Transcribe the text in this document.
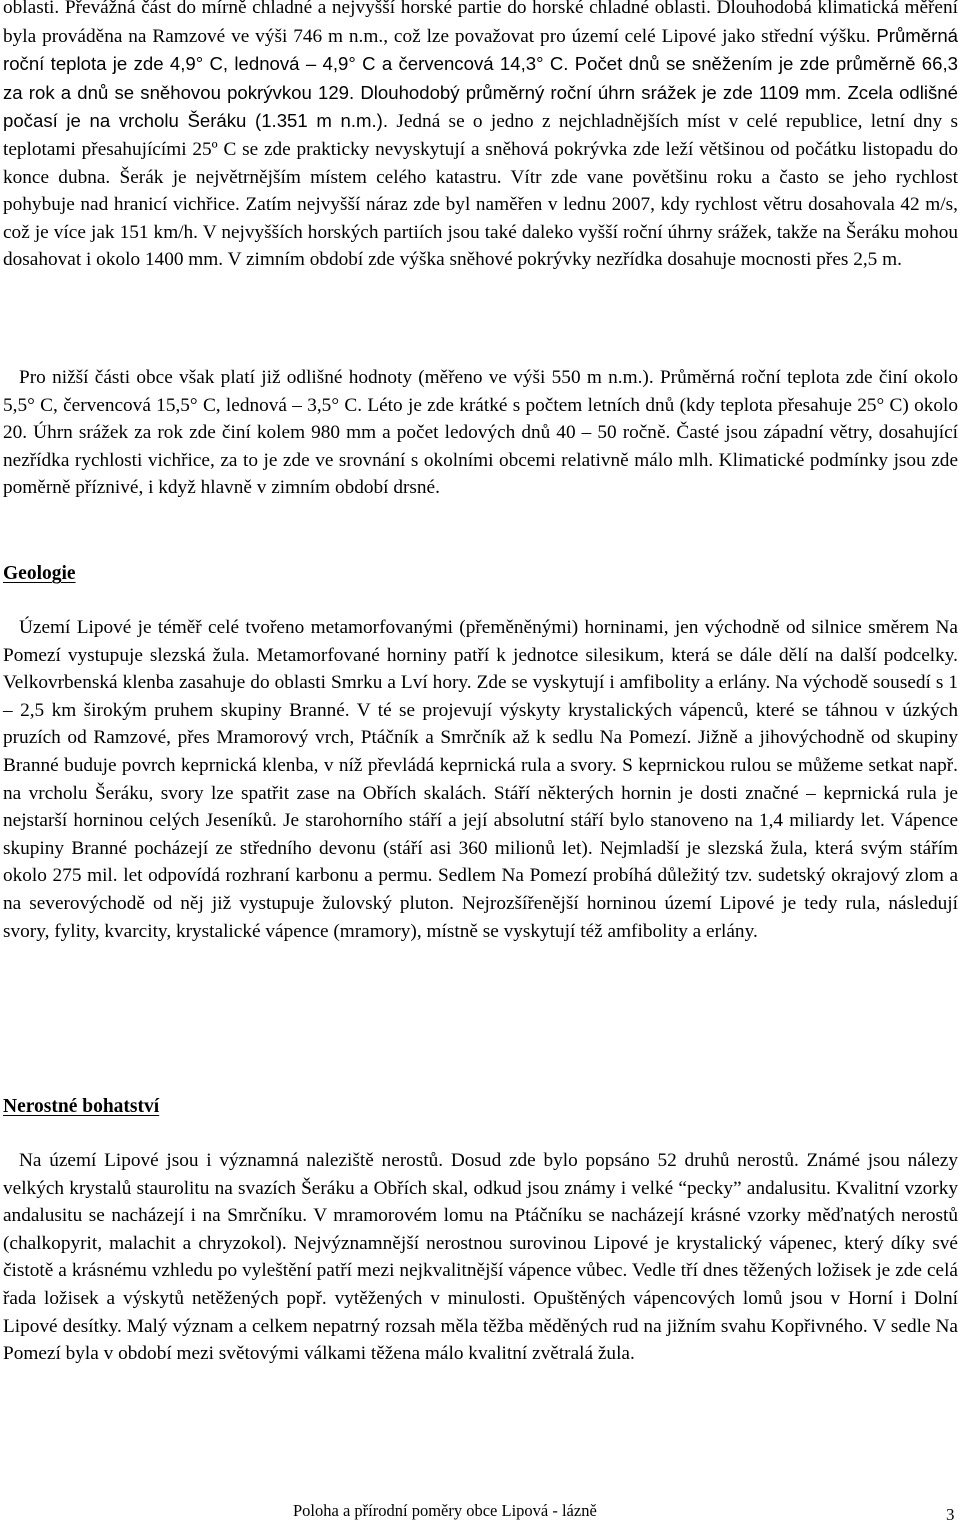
oblasti. Převážná část do mírně chladné a nejvyšší horské partie do horské chladné oblasti. Dlouhodobá klimatická měření byla prováděna na Ramzové ve výši 746 m n.m., což lze považovat pro území celé Lipové jako střední výšku. Průměrná roční teplota je zde 4,9° C, lednová – 4,9° C a červencová 14,3° C. Počet dnů se sněžením je zde průměrně 66,3 za rok a dnů se sněhovou pokrývkou 129. Dlouhodobý průměrný roční úhrn srážek je zde 1109 mm. Zcela odlišné počasí je na vrcholu Šeráku (1.351 m n.m.). Jedná se o jedno z nejchladnějších míst v celé republice, letní dny s teplotami přesahujícími 25º C se zde prakticky nevyskytují a sněhová pokrývka zde leží většinou od počátku listopadu do konce dubna. Šerák je největrnějším místem celého katastru. Vítr zde vane povětšinu roku a často se jeho rychlost pohybuje nad hranicí vichřice. Zatím nejvyšší náraz zde byl naměřen v lednu 2007, kdy rychlost větru dosahovala 42 m/s, což je více jak 151 km/h. V nejvyšších horských partiích jsou také daleko vyšší roční úhrny srážek, takže na Šeráku mohou dosahovat i okolo 1400 mm. V zimním období zde výška sněhové pokrývky nezřídka dosahuje mocnosti přes 2,5 m.

Pro nižší části obce však platí již odlišné hodnoty (měřeno ve výši 550 m n.m.). Průměrná roční teplota zde činí okolo 5,5° C, červencová 15,5° C, lednová – 3,5° C. Léto je zde krátké s počtem letních dnů (kdy teplota přesahuje 25° C) okolo 20. Úhrn srážek za rok zde činí kolem 980 mm a počet ledových dnů 40 – 50 ročně. Časté jsou západní větry, dosahující nezřídka rychlosti vichřice, za to je zde ve srovnání s okolními obcemi relativně málo mlh. Klimatické podmínky jsou zde poměrně příznivé, i když hlavně v zimním období drsné.

Geologie

Území Lipové je téměř celé tvořeno metamorfovanými (přeměněnými) horninami, jen východně od silnice směrem Na Pomezí vystupuje slezská žula. Metamorfované horniny patří k jednotce silesikum, která se dále dělí na další podcelky. Velkovrbenská klenba zasahuje do oblasti Smrku a Lví hory. Zde se vyskytují i amfibolity a erlány. Na východě sousedí s 1 – 2,5 km širokým pruhem skupiny Branné. V té se projevují výskyty krystalických vápenců, které se táhnou v úzkých pruzích od Ramzové, přes Mramorový vrch, Ptáčník a Smrčník až k sedlu Na Pomezí. Jižně a jihovýchodně od skupiny Branné buduje povrch keprnická klenba, v níž převládá keprnická rula a svory. S keprnickou rulou se můžeme setkat např. na vrcholu Šeráku, svory lze spatřit zase na Obřích skalách. Stáří některých hornin je dosti značné – keprnická rula je nejstarší horninou celých Jeseníků. Je starohorního stáří a její absolutní stáří bylo stanoveno na 1,4 miliardy let. Vápence skupiny Branné pocházejí ze středního devonu (stáří asi 360 milionů let). Nejmladší je slezská žula, která svým stářím okolo 275 mil. let odpovídá rozhraní karbonu a permu. Sedlem Na Pomezí probíhá důležitý tzv. sudetský okrajový zlom a na severovýchodě od něj již vystupuje žulovský pluton. Nejrozšířenější horninou území Lipové je tedy rula, následují svory, fylity, kvarcity, krystalické vápence (mramory), místně se vyskytují též amfibolity a erlány.

Nerostné bohatství

Na území Lipové jsou i významná naleziště nerostů. Dosud zde bylo popsáno 52 druhů nerostů. Známé jsou nálezy velkých krystalů staurolitu na svazích Šeráku a Obřích skal, odkud jsou známy i velké “pecky” andalusitu. Kvalitní vzorky andalusitu se nacházejí i na Smrčníku. V mramorovém lomu na Ptáčníku se nacházejí krásné vzorky měďnatých nerostů (chalkopyrit, malachit a chryzokol). Nejvýznamnější nerostnou surovinou Lipové je krystalický vápenec, který díky své čistotě a krásnému vzhledu po vyleštění patří mezi nejkvalitnější vápence vůbec. Vedle tří dnes těžených ložisek je zde celá řada ložisek a výskytů netěžených popř. vytěžených v minulosti. Opuštěných vápencových lomů jsou v Horní i Dolní Lipové desítky. Malý význam a celkem nepatrný rozsah měla těžba měděných rud na jižním svahu Kopřivného. V sedle Na Pomezí byla v období mezi světovými válkami těžena málo kvalitní zvětralá žula.

Poloha a přírodní poměry obce Lipová - lázně	3
